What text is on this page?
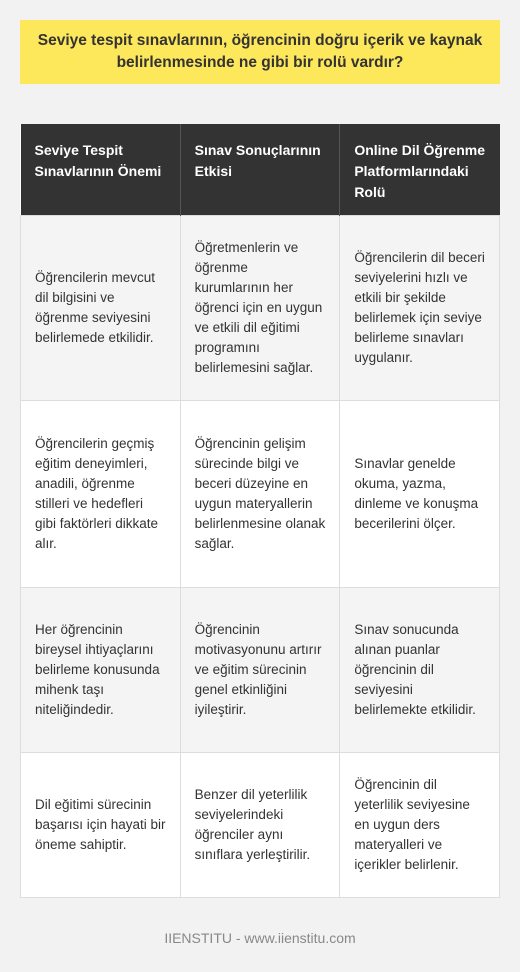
Seviye tespit sınavlarının, öğrencinin doğru içerik ve kaynak belirlenmesinde ne gibi bir rolü vardır?
Seviye Tespit Sınavlarının Önemi	Sınav Sonuçlarının Etkisi	Online Dil Öğrenme Platformlarındaki Rolü
Öğrencilerin mevcut dil bilgisini ve öğrenme seviyesini belirlemede etkilidir.	Öğretmenlerin ve öğrenme kurumlarının her öğrenci için en uygun ve etkili dil eğitimi programını belirlemesini sağlar.	Öğrencilerin dil beceri seviyelerini hızlı ve etkili bir şekilde belirlemek için seviye belirleme sınavları uygulanır.
Öğrencilerin geçmiş eğitim deneyimleri, anadili, öğrenme stilleri ve hedefleri gibi faktörleri dikkate alır.	Öğrencinin gelişim sürecinde bilgi ve beceri düzeyine en uygun materyallerin belirlenmesine olanak sağlar.	Sınavlar genelde okuma, yazma, dinleme ve konuşma becerilerini ölçer.
Her öğrencinin bireysel ihtiyaçlarını belirleme konusunda mihenk taşı niteliğindedir.	Öğrencinin motivasyonunu artırır ve eğitim sürecinin genel etkinliğini iyileştirir.	Sınav sonucunda alınan puanlar öğrencinin dil seviyesini belirlemekte etkilidir.
Dil eğitimi sürecinin başarısı için hayati bir öneme sahiptir.	Benzer dil yeterlilik seviyelerindeki öğrenciler aynı sınıflara yerleştirilir.	Öğrencinin dil yeterlilik seviyesine en uygun ders materyalleri ve içerikler belirlenir.
IIENSTITU - www.iienstitu.com
